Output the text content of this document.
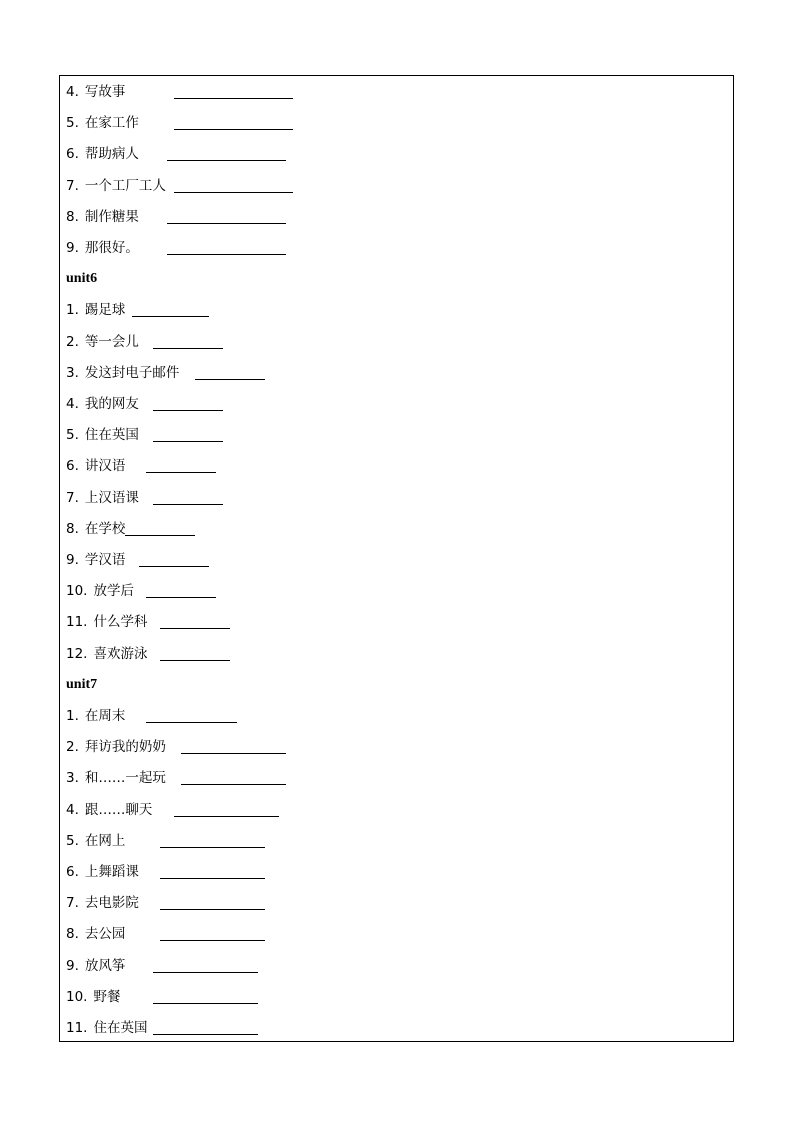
4. 写故事
5. 在家工作
6. 帮助病人
7. 一个工厂工人
8. 制作糖果
9. 那很好。
unit6
1. 踢足球
2. 等一会儿
3. 发这封电子邮件
4. 我的网友
5. 住在英国
6. 讲汉语
7. 上汉语课
8. 在学校
9. 学汉语
10. 放学后
11. 什么学科
12. 喜欢游泳
unit7
1. 在周末
2. 拜访我的奶奶
3. 和……一起玩
4. 跟……聊天
5. 在网上
6. 上舞蹈课
7. 去电影院
8. 去公园
9. 放风筝
10. 野餐
11. 住在英国
